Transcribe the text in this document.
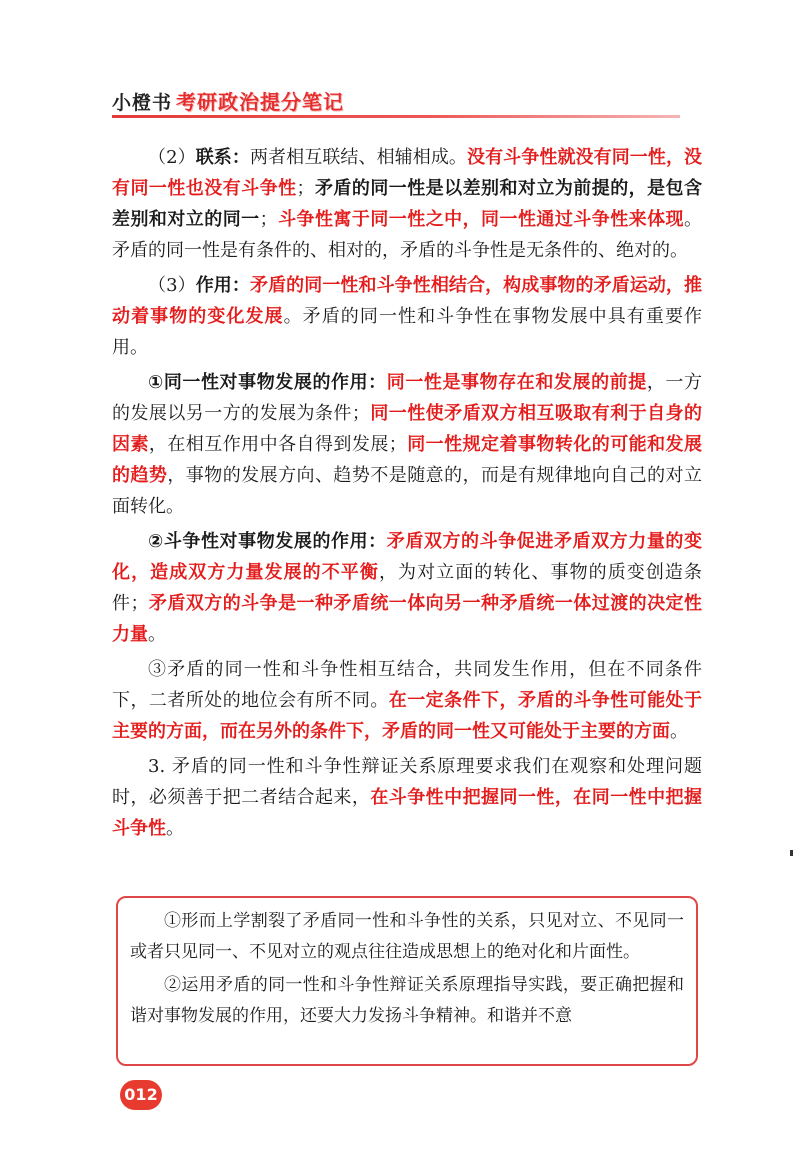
小橙书 考研政治提分笔记

（2）联系：两者相互联结、相辅相成。没有斗争性就没有同一性，没有同一性也没有斗争性；矛盾的同一性是以差别和对立为前提的，是包含差别和对立的同一；斗争性寓于同一性之中，同一性通过斗争性来体现。矛盾的同一性是有条件的、相对的，矛盾的斗争性是无条件的、绝对的。

（3）作用：矛盾的同一性和斗争性相结合，构成事物的矛盾运动，推动着事物的变化发展。矛盾的同一性和斗争性在事物发展中具有重要作用。

①同一性对事物发展的作用：同一性是事物存在和发展的前提，一方的发展以另一方的发展为条件；同一性使矛盾双方相互吸取有利于自身的因素，在相互作用中各自得到发展；同一性规定着事物转化的可能和发展的趋势，事物的发展方向、趋势不是随意的，而是有规律地向自己的对立面转化。

②斗争性对事物发展的作用：矛盾双方的斗争促进矛盾双方力量的变化，造成双方力量发展的不平衡，为对立面的转化、事物的质变创造条件；矛盾双方的斗争是一种矛盾统一体向另一种矛盾统一体过渡的决定性力量。

③矛盾的同一性和斗争性相互结合，共同发生作用，但在不同条件下，二者所处的地位会有所不同。在一定条件下，矛盾的斗争性可能处于主要的方面，而在另外的条件下，矛盾的同一性又可能处于主要的方面。

3. 矛盾的同一性和斗争性辩证关系原理要求我们在观察和处理问题时，必须善于把二者结合起来，在斗争性中把握同一性，在同一性中把握斗争性。

①形而上学割裂了矛盾同一性和斗争性的关系，只见对立、不见同一或者只见同一、不见对立的观点往往造成思想上的绝对化和片面性。

②运用矛盾的同一性和斗争性辩证关系原理指导实践，要正确把握和谐对事物发展的作用，还要大力发扬斗争精神。和谐并不意

012
